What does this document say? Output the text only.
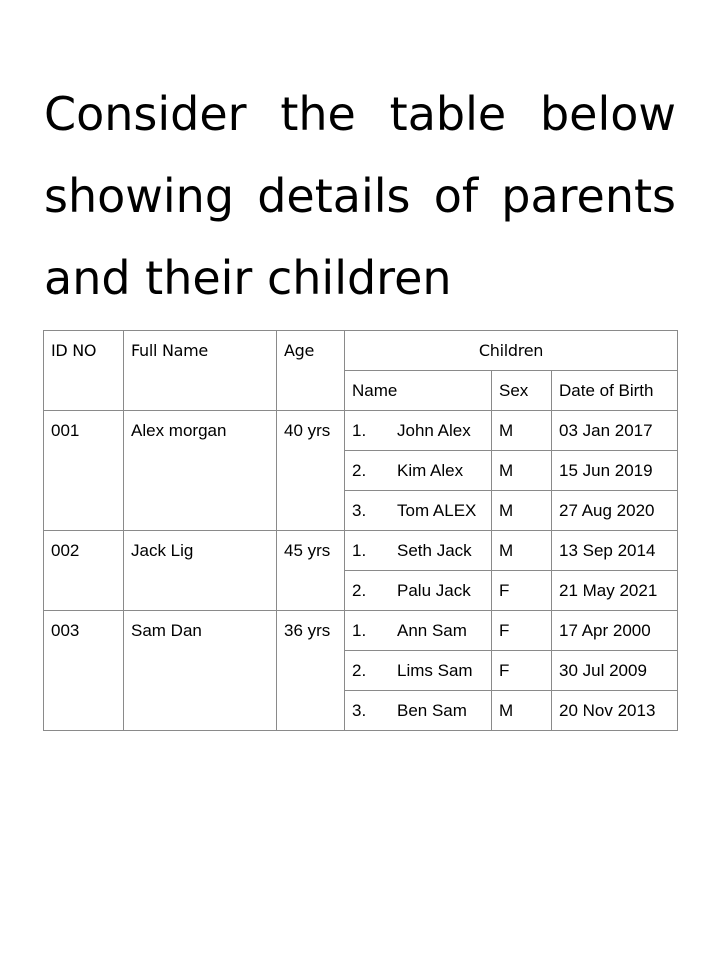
Consider the table below showing details of parents and their children

ID NO	Full Name	Age	Children		
			Name	Sex	Date of Birth
001	Alex morgan	40 yrs	1. John Alex	M	03 Jan 2017
			2. Kim Alex	M	15 Jun 2019
			3. Tom ALEX	M	27 Aug 2020
002	Jack Lig	45 yrs	1. Seth Jack	M	13 Sep 2014
			2. Palu Jack	F	21 May 2021
003	Sam Dan	36 yrs	1. Ann Sam	F	17 Apr 2000
			2. Lims Sam	F	30 Jul 2009
			3. Ben Sam	M	20 Nov 2013
